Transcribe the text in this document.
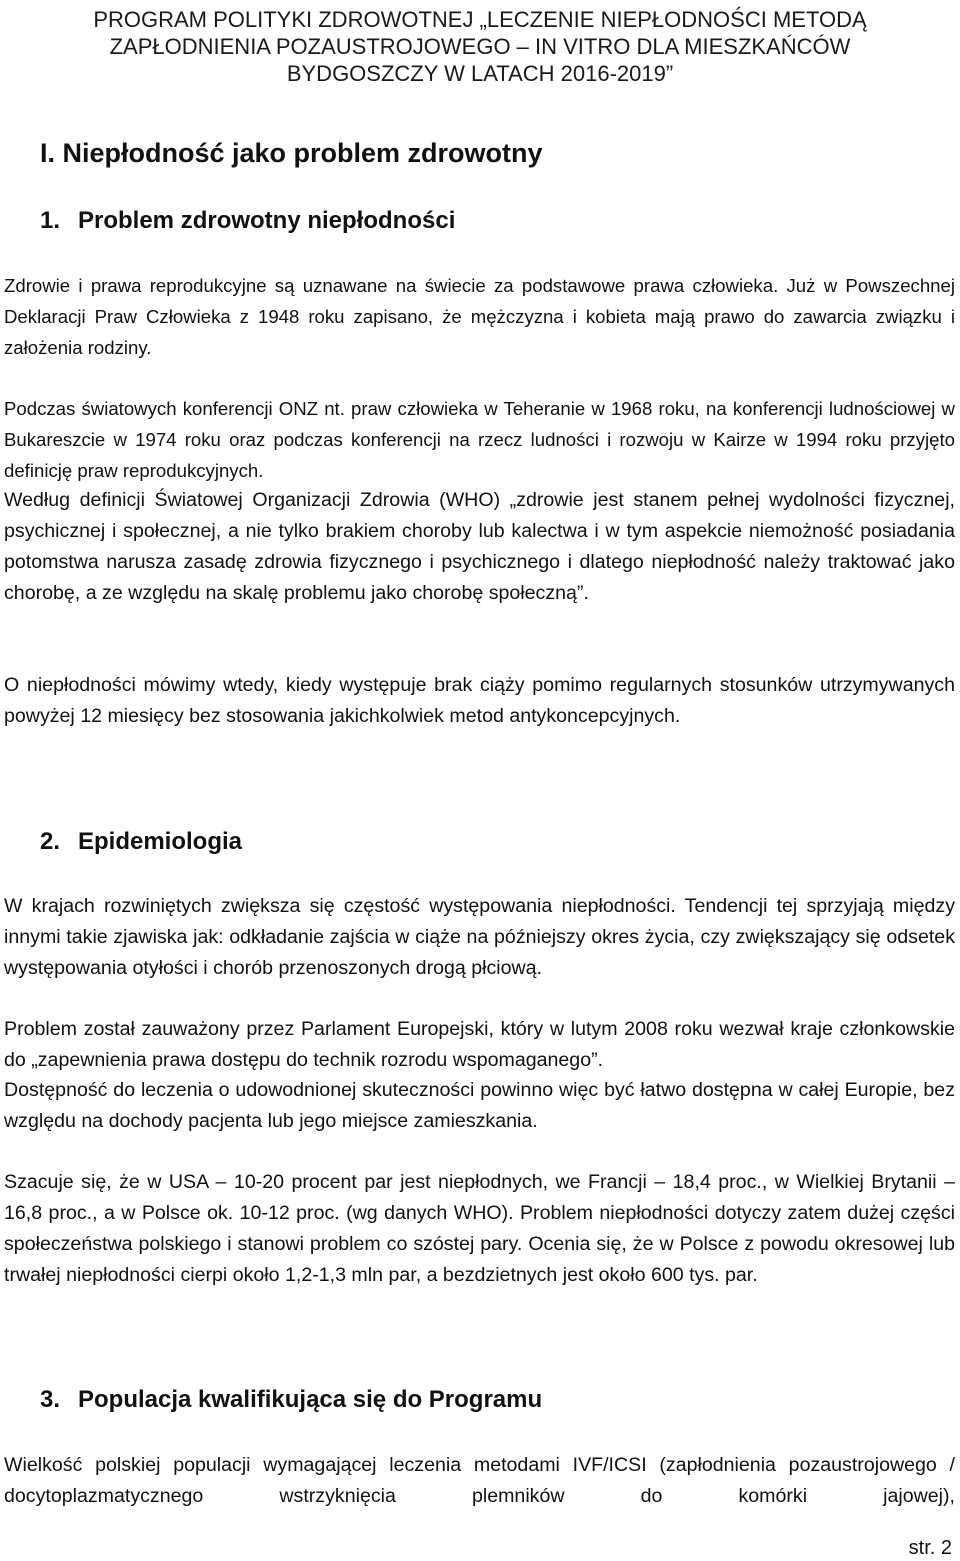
PROGRAM POLITYKI ZDROWOTNEJ „LECZENIE NIEPŁODNOŚCI METODĄ
ZAPŁODNIENIA POZAUSTROJOWEGO – IN VITRO DLA MIESZKAŃCÓW
BYDGOSZCZY W LATACH 2016-2019”
I. Niepłodność jako problem zdrowotny
1. Problem zdrowotny niepłodności

Zdrowie i prawa reprodukcyjne są uznawane na świecie za podstawowe prawa człowieka. Już w Powszechnej Deklaracji Praw Człowieka z 1948 roku zapisano, że mężczyzna i kobieta mają prawo do zawarcia związku i założenia rodziny.

Podczas światowych konferencji ONZ nt. praw człowieka w Teheranie w 1968 roku, na konferencji ludnościowej w Bukareszcie w 1974 roku oraz podczas konferencji na rzecz ludności i rozwoju w Kairze w 1994 roku przyjęto definicję praw reprodukcyjnych.

Według definicji Światowej Organizacji Zdrowia (WHO) „zdrowie jest stanem pełnej wydolności fizycznej, psychicznej i społecznej, a nie tylko brakiem choroby lub kalectwa i w tym aspekcie niemożność posiadania potomstwa narusza zasadę zdrowia fizycznego i psychicznego i dlatego niepłodność należy traktować jako chorobę, a ze względu na skalę problemu jako chorobę społeczną”.

O niepłodności mówimy wtedy, kiedy występuje brak ciąży pomimo regularnych stosunków utrzymywanych powyżej 12 miesięcy bez stosowania jakichkolwiek metod antykoncepcyjnych.

2. Epidemiologia

W krajach rozwiniętych zwiększa się częstość występowania niepłodności. Tendencji tej sprzyjają między innymi takie zjawiska jak: odkładanie zajścia w ciąże na późniejszy okres życia, czy zwiększający się odsetek występowania otyłości i chorób przenoszonych drogą płciową.

Problem został zauważony przez Parlament Europejski, który w lutym 2008 roku wezwał kraje członkowskie do „zapewnienia prawa dostępu do technik rozrodu wspomaganego”.

Dostępność do leczenia o udowodnionej skuteczności powinno więc być łatwo dostępna w całej Europie, bez względu na dochody pacjenta lub jego miejsce zamieszkania.

Szacuje się, że w USA – 10-20 procent par jest niepłodnych, we Francji – 18,4 proc., w Wielkiej Brytanii – 16,8 proc., a w Polsce ok. 10-12 proc. (wg danych WHO). Problem niepłodności dotyczy zatem dużej części społeczeństwa polskiego i stanowi problem co szóstej pary. Ocenia się, że w Polsce z powodu okresowej lub trwałej niepłodności cierpi około 1,2-1,3 mln par, a bezdzietnych jest około 600 tys. par.

3. Populacja kwalifikująca się do Programu

Wielkość polskiej populacji wymagającej leczenia metodami IVF/ICSI (zapłodnienia pozaustrojowego / docytoplazmatycznego wstrzyknięcia plemników do komórki jajowej),

str. 2
